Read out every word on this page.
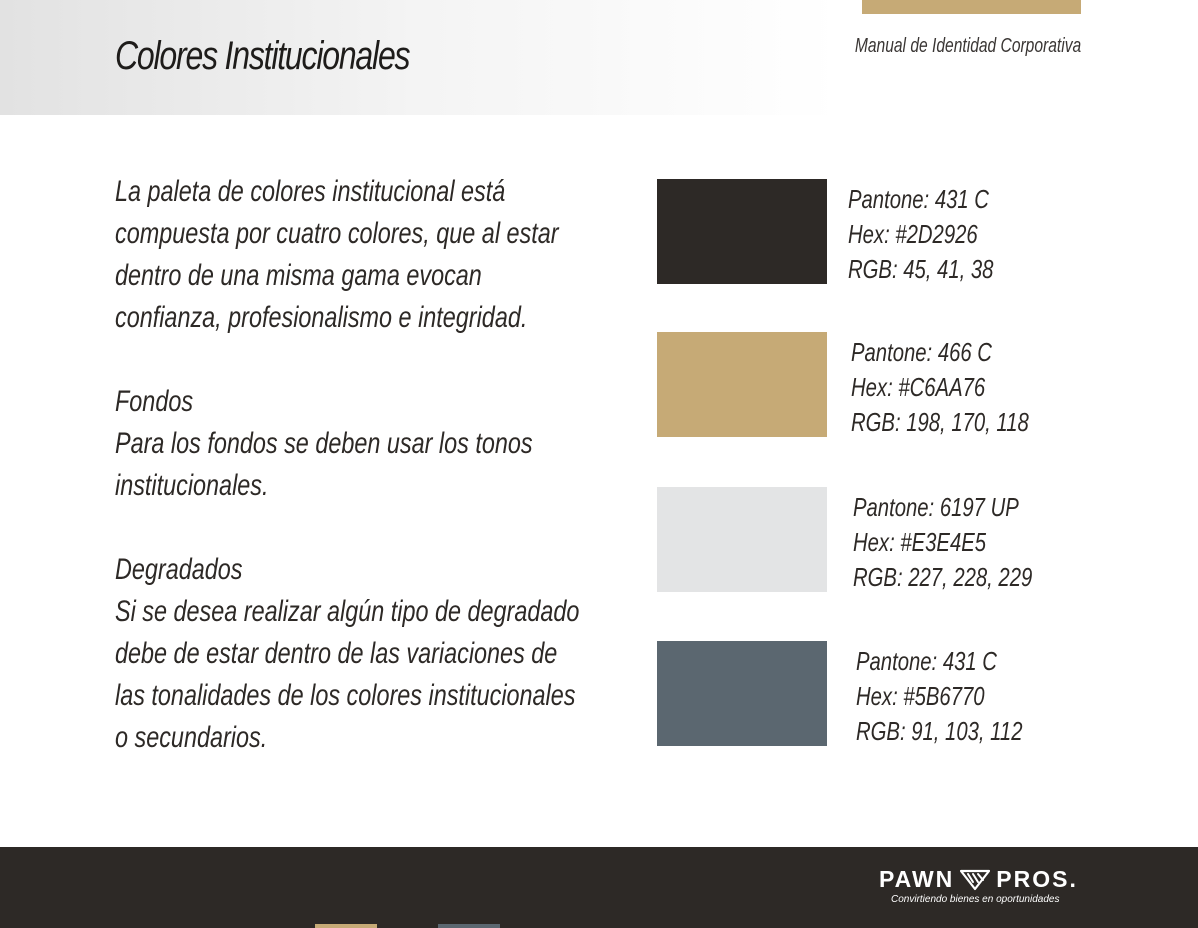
Colores Institucionales	Manual de Identidad Corporativa

La paleta de colores institucional está
compuesta por cuatro colores, que al estar
dentro de una misma gama evocan
confianza, profesionalismo e integridad.

Fondos
Para los fondos se deben usar los tonos
institucionales.

Degradados
Si se desea realizar algún tipo de degradado
debe de estar dentro de las variaciones de
las tonalidades de los colores institucionales
o secundarios.

Pantone: 431 C
Hex: #2D2926
RGB: 45, 41, 38
Pantone: 466 C
Hex: #C6AA76
RGB: 198, 170, 118
Pantone: 6197 UP
Hex: #E3E4E5
RGB: 227, 228, 229
Pantone: 431 C
Hex: #5B6770
RGB: 91, 103, 112
PAWN PROS.
Convirtiendo bienes en oportunidades
